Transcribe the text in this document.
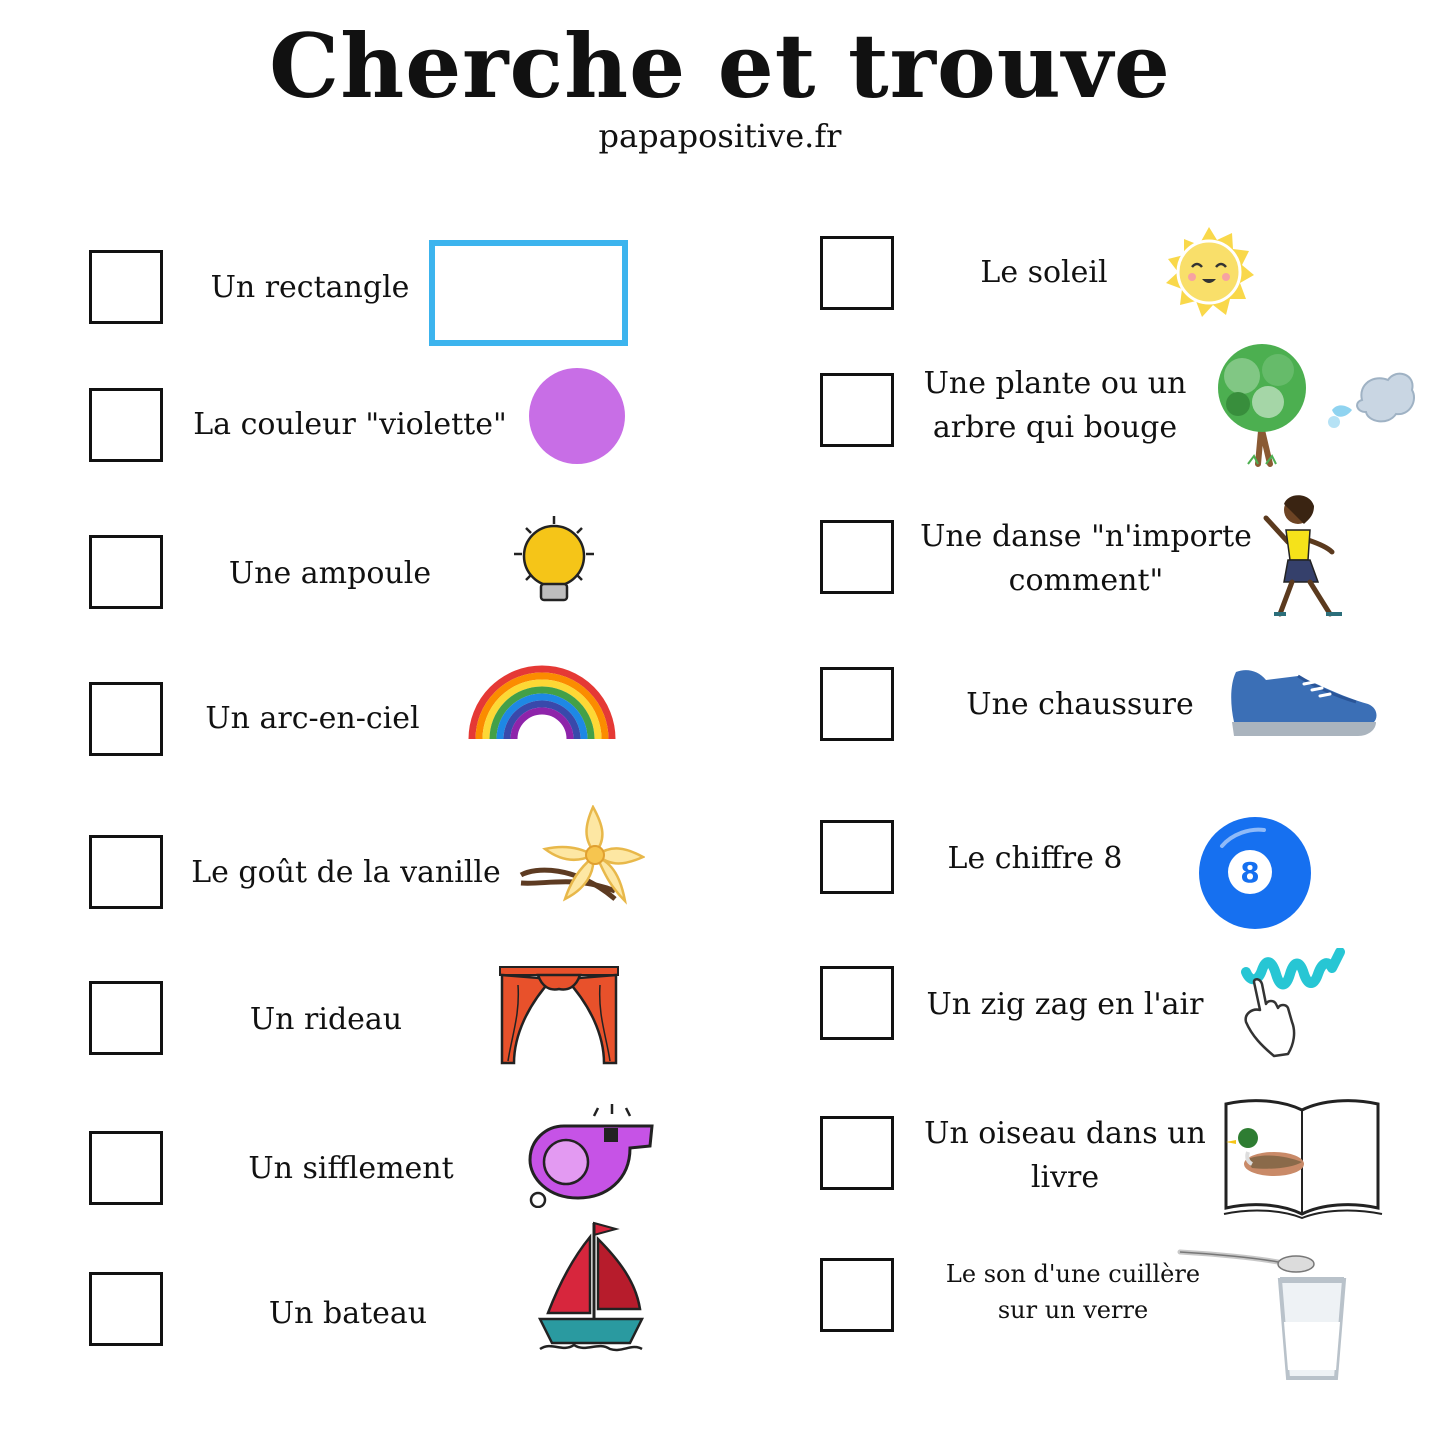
Cherche et trouve
papapositive.fr
Un rectangle
La couleur "violette"
Une ampoule
Un arc-en-ciel
Le goût de la vanille
Un rideau
Un sifflement
Un bateau
Le soleil
Une plante ou un
arbre qui bouge
Une danse "n'importe
comment"
Une chaussure
Le chiffre 8	8
Un zig zag en l'air
Un oiseau dans un
livre
Le son d'une cuillère
sur un verre
